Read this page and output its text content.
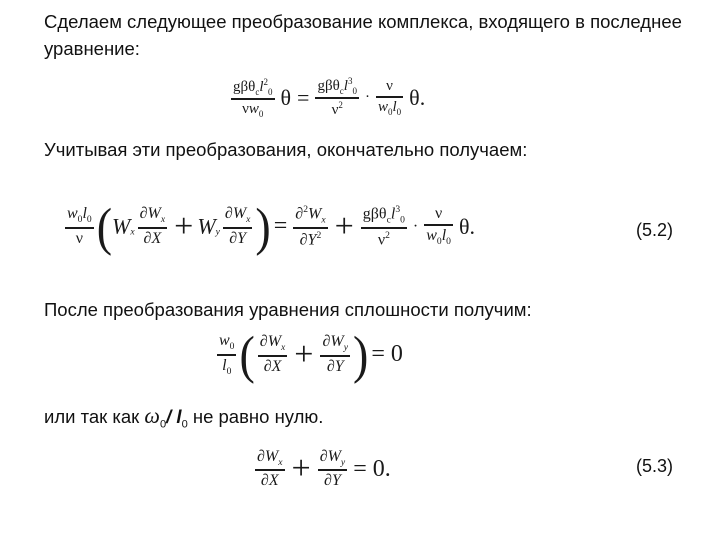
Сделаем следующее преобразование комплекса, входящего в последнее уравнение:

$\frac{g\beta\theta_cl^2_0}{\nu w_0}$ $\theta = \frac{g\beta\theta_cl^3_0}{\nu^2} \cdot \frac{\nu}{w_0l_0} \theta$.

Учитывая эти преобразования, окончательно получаем:

$\frac{w_0l_0}{\nu} (W_x \frac{\partial W_x}{\partial X} + W_y \frac{\partial W_x}{\partial Y}$ ) = $\frac{\partial^2W_x}{\partial Y^2} + \frac{g\beta\theta_cl^3_0}{\nu^2} \cdot \frac{\nu}{w_0l_0} \theta$.	(5.2)

После преобразования уравнения сплошности получим:

$\frac{w_0}{l_0}$ ( $\frac{\partial W_x}{\partial X} + \frac{\partial W_y}{\partial Y}$ ) = 0

или так как $\omega_0/$ $l_0$ не равно нулю.

$\frac{\partial W_x}{\partial X} + \frac{\partial W_y}{\partial Y} = 0$.	(5.3)
